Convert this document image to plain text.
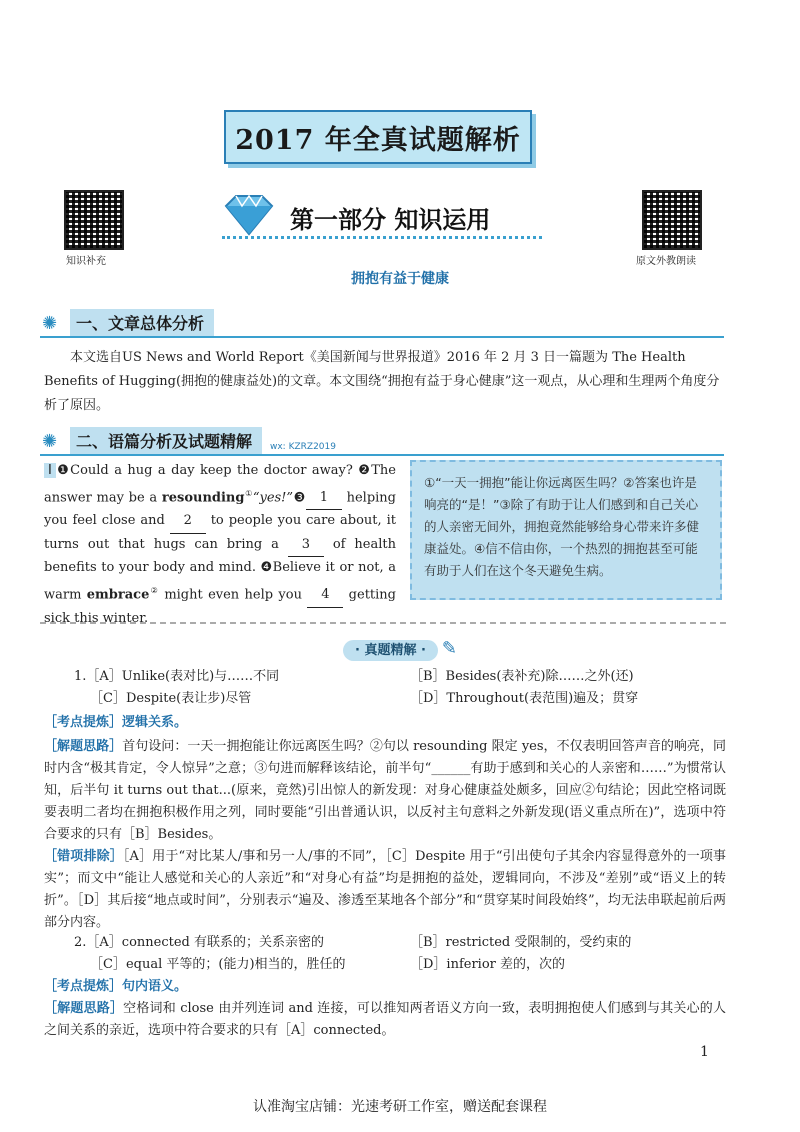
2017 年全真试题解析
知识补充	原文外教朗读
第一部分 知识运用
拥抱有益于健康
✺	一、文章总体分析

本文选自US News and World Report《美国新闻与世界报道》2016 年 2 月 3 日一篇题为 The Health Benefits of Hugging(拥抱的健康益处)的文章。本文围绕“拥抱有益于身心健康”这一观点，从心理和生理两个角度分析了原因。

✺	二、语篇分析及试题精解	wx: KZRZ2019

I ❶Could a hug a day keep the doctor away? ❷The answer may be a resounding①“yes!”❸ 1 helping you feel close and 2 to people you care about, it turns out that hugs can bring a 3 of health benefits to your body and mind. ❹Believe it or not, a warm embrace② might even help you 4 getting sick this winter.

①“一天一拥抱”能让你远离医生吗？②答案也许是响亮的“是！”③除了有助于让人们感到和自己关心的人亲密无间外，拥抱竟然能够给身心带来许多健康益处。④信不信由你，一个热烈的拥抱甚至可能有助于人们在这个冬天避免生病。
· 真题精解 · ✎
1.［A］Unlike(表对比)与……不同	［B］Besides(表补充)除……之外(还)
［C］Despite(表让步)尽管	［D］Throughout(表范围)遍及；贯穿

［考点提炼］逻辑关系。

［解题思路］首句设问：一天一拥抱能让你远离医生吗？②句以 resounding 限定 yes，不仅表明回答声音的响亮，同时内含“极其肯定，令人惊异”之意；③句进而解释该结论，前半句“______有助于感到和关心的人亲密和……”为惯常认知，后半句 it turns out that...(原来，竟然)引出惊人的新发现：对身心健康益处颇多，回应②句结论；因此空格词既要表明二者均在拥抱积极作用之列，同时要能“引出普通认识，以反衬主句意料之外新发现(语义重点所在)”，选项中符合要求的只有［B］Besides。

［错项排除］［A］用于“对比某人/事和另一人/事的不同”，［C］Despite 用于“引出使句子其余内容显得意外的一项事实”；而文中“能让人感觉和关心的人亲近”和“对身心有益”均是拥抱的益处，逻辑同向，不涉及“差别”或“语义上的转折”。［D］其后接“地点或时间”，分别表示“遍及、渗透至某地各个部分”和“贯穿某时间段始终”，均无法串联起前后两部分内容。

2.［A］connected 有联系的；关系亲密的	［B］restricted 受限制的，受约束的
［C］equal 平等的；(能力)相当的，胜任的	［D］inferior 差的，次的

［考点提炼］句内语义。

［解题思路］空格词和 close 由并列连词 and 连接，可以推知两者语义方向一致，表明拥抱使人们感到与其关心的人之间关系的亲近，选项中符合要求的只有［A］connected。

1
认准淘宝店铺：光速考研工作室，赠送配套课程
